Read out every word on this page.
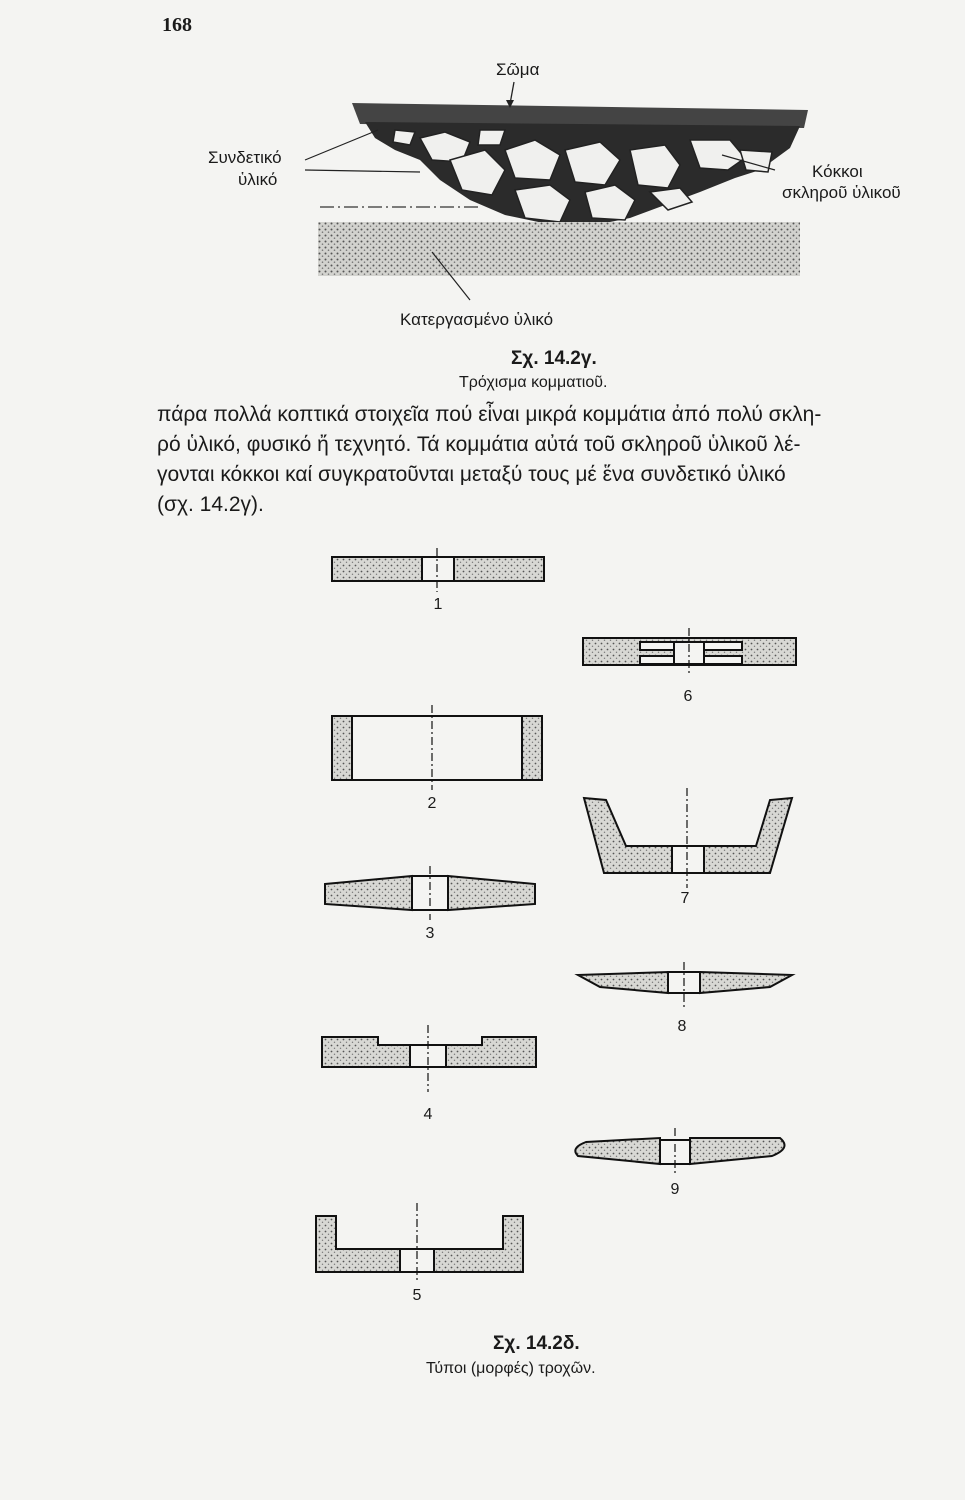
168
Σῶμα
Συνδετικό
ὑλικό	Κόκκοι
σκληροῦ ὑλικοῦ
Κατεργασμένο ὑλικό
Σχ. 14.2γ.
Τρόχισμα κομματιοῦ.
πάρα πολλά κοπτικά στοιχεῖα πού εἶναι μικρά κομμάτια ἀπό πολύ σκλη-
ρό ὑλικό, φυσικό ἤ τεχνητό. Τά κομμάτια αὐτά τοῦ σκληροῦ ὑλικοῦ λέ-
γονται κόκκοι καί συγκρατοῦνται μεταξύ τους μέ ἕνα συνδετικό ὑλικό
(σχ. 14.2γ).
1
2
3
4
5
6
7
8
9
Σχ. 14.2δ.
Τύποι (μορφές) τροχῶν.
